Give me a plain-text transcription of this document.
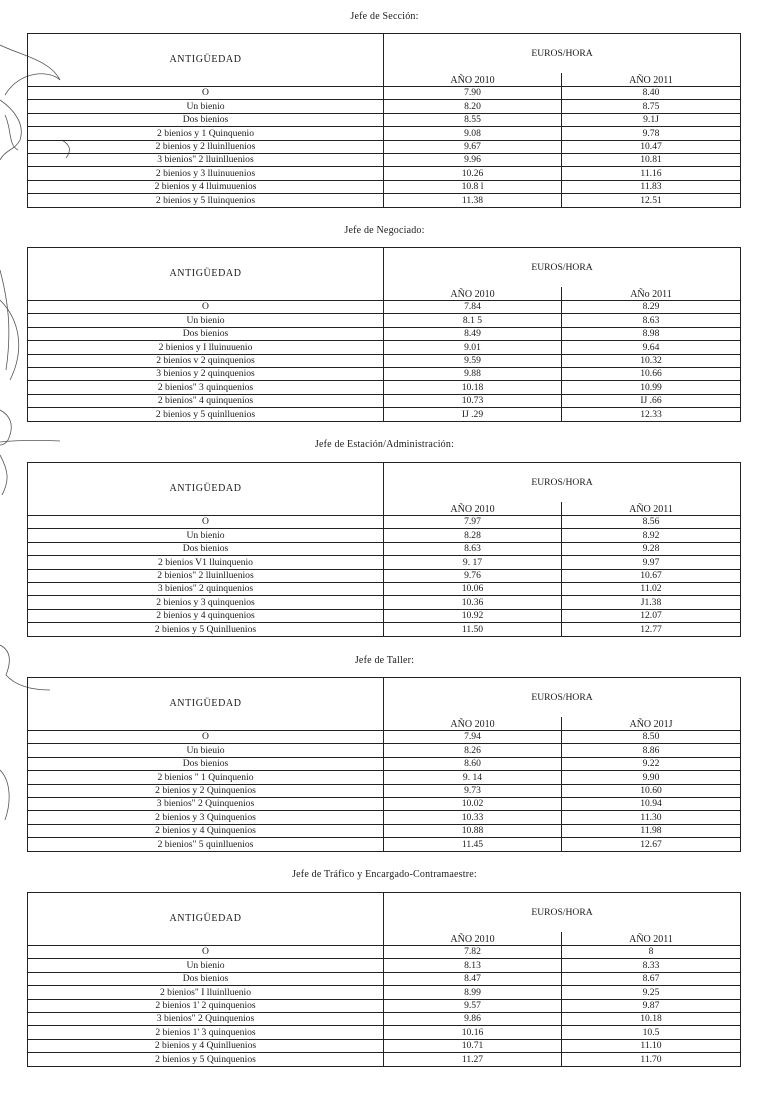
Jefe de Sección:
ANTIGÜEDAD	EUROS/HORA	
	AÑO 2010	AÑO 2011
O	7.90	8.40
Un bienio	8.20	8.75
Dos bienios	8.55	9.1J
2 bienios y 1 Quinquenio	9.08	9.78
2 bienios y 2 lluinlluenios	9.67	10.47
3 bienios" 2 lluinlluenios	9.96	10.81
2 bienios y 3 lluinuuenios	10.26	11.16
2 bienios y 4 lluimuuenios	10.8 l	11.83
2 bienios y 5 lluinquenios	11.38	12.51
Jefe de Negociado:
ANTIGÜEDAD	EUROS/HORA	
	AÑO 2010	AÑo 2011
O	7.84	8.29
Un bienio	8.1 5	8.63
Dos bienios	8.49	8.98
2 bienios y I lluinuuenio	9.01	9.64
2 bienios v 2 quinquenios	9.59	10.32
3 bienios y 2 quinquenios	9.88	10.66
2 bienios" 3 quinquenios	10.18	10.99
2 bienios" 4 quinquenios	10.73	IJ .66
2 bienios y 5 quinlluenios	IJ .29	12.33
Jefe de Estación/Administración:
ANTIGÜEDAD	EUROS/HORA	
	AÑO 2010	AÑO 2011
O	7.97	8.56
Un bienio	8.28	8.92
Dos bienios	8.63	9.28
2 bienios V1 lluinquenio	9. 17	9.97
2 bienios" 2 lluinlluenios	9.76	10.67
3 bienios" 2 quinquenios	10.06	11.02
2 bienios y 3 quinquenios	10.36	J1.38
2 bienios y 4 quinquenios	10.92	12.07
2 bienios y 5 Quinlluenios	11.50	12.77
Jefe de Taller:
ANTIGÜEDAD	EUROS/HORA	
	AÑO 2010	AÑO 201J
O	7.94	8.50
Un bieuio	8.26	8.86
Dos bienios	8.60	9.22
2 bienios " 1 Quinquenio	9. 14	9.90
2 bienios y 2 Quinquenios	9.73	10.60
3 bienios" 2 Quinquenios	10.02	10.94
2 bienios y 3 Quinquenios	10.33	11.30
2 bienios y 4 Quinquenios	10.88	11.98
2 bienios" 5 quinlluenios	11.45	12.67
Jefe de Tráfico y Encargado-Contramaestre:
ANTIGÜEDAD	EUROS/HORA	
	AÑO 2010	AÑO 2011
O	7.82	8
Un bienio	8.13	8.33
Dos bienios	8.47	8.67
2 bienios" I lluinlluenio	8.99	9.25
2 bienios 1' 2 quinquenios	9.57	9.87
3 bienios" 2 Quinquenios	9.86	10.18
2 bienios 1' 3 quinquenios	10.16	10.5
2 bienios y 4 Quinlluenios	10.71	11.10
2 bienios y 5 Quinquenios	11.27	11.70
